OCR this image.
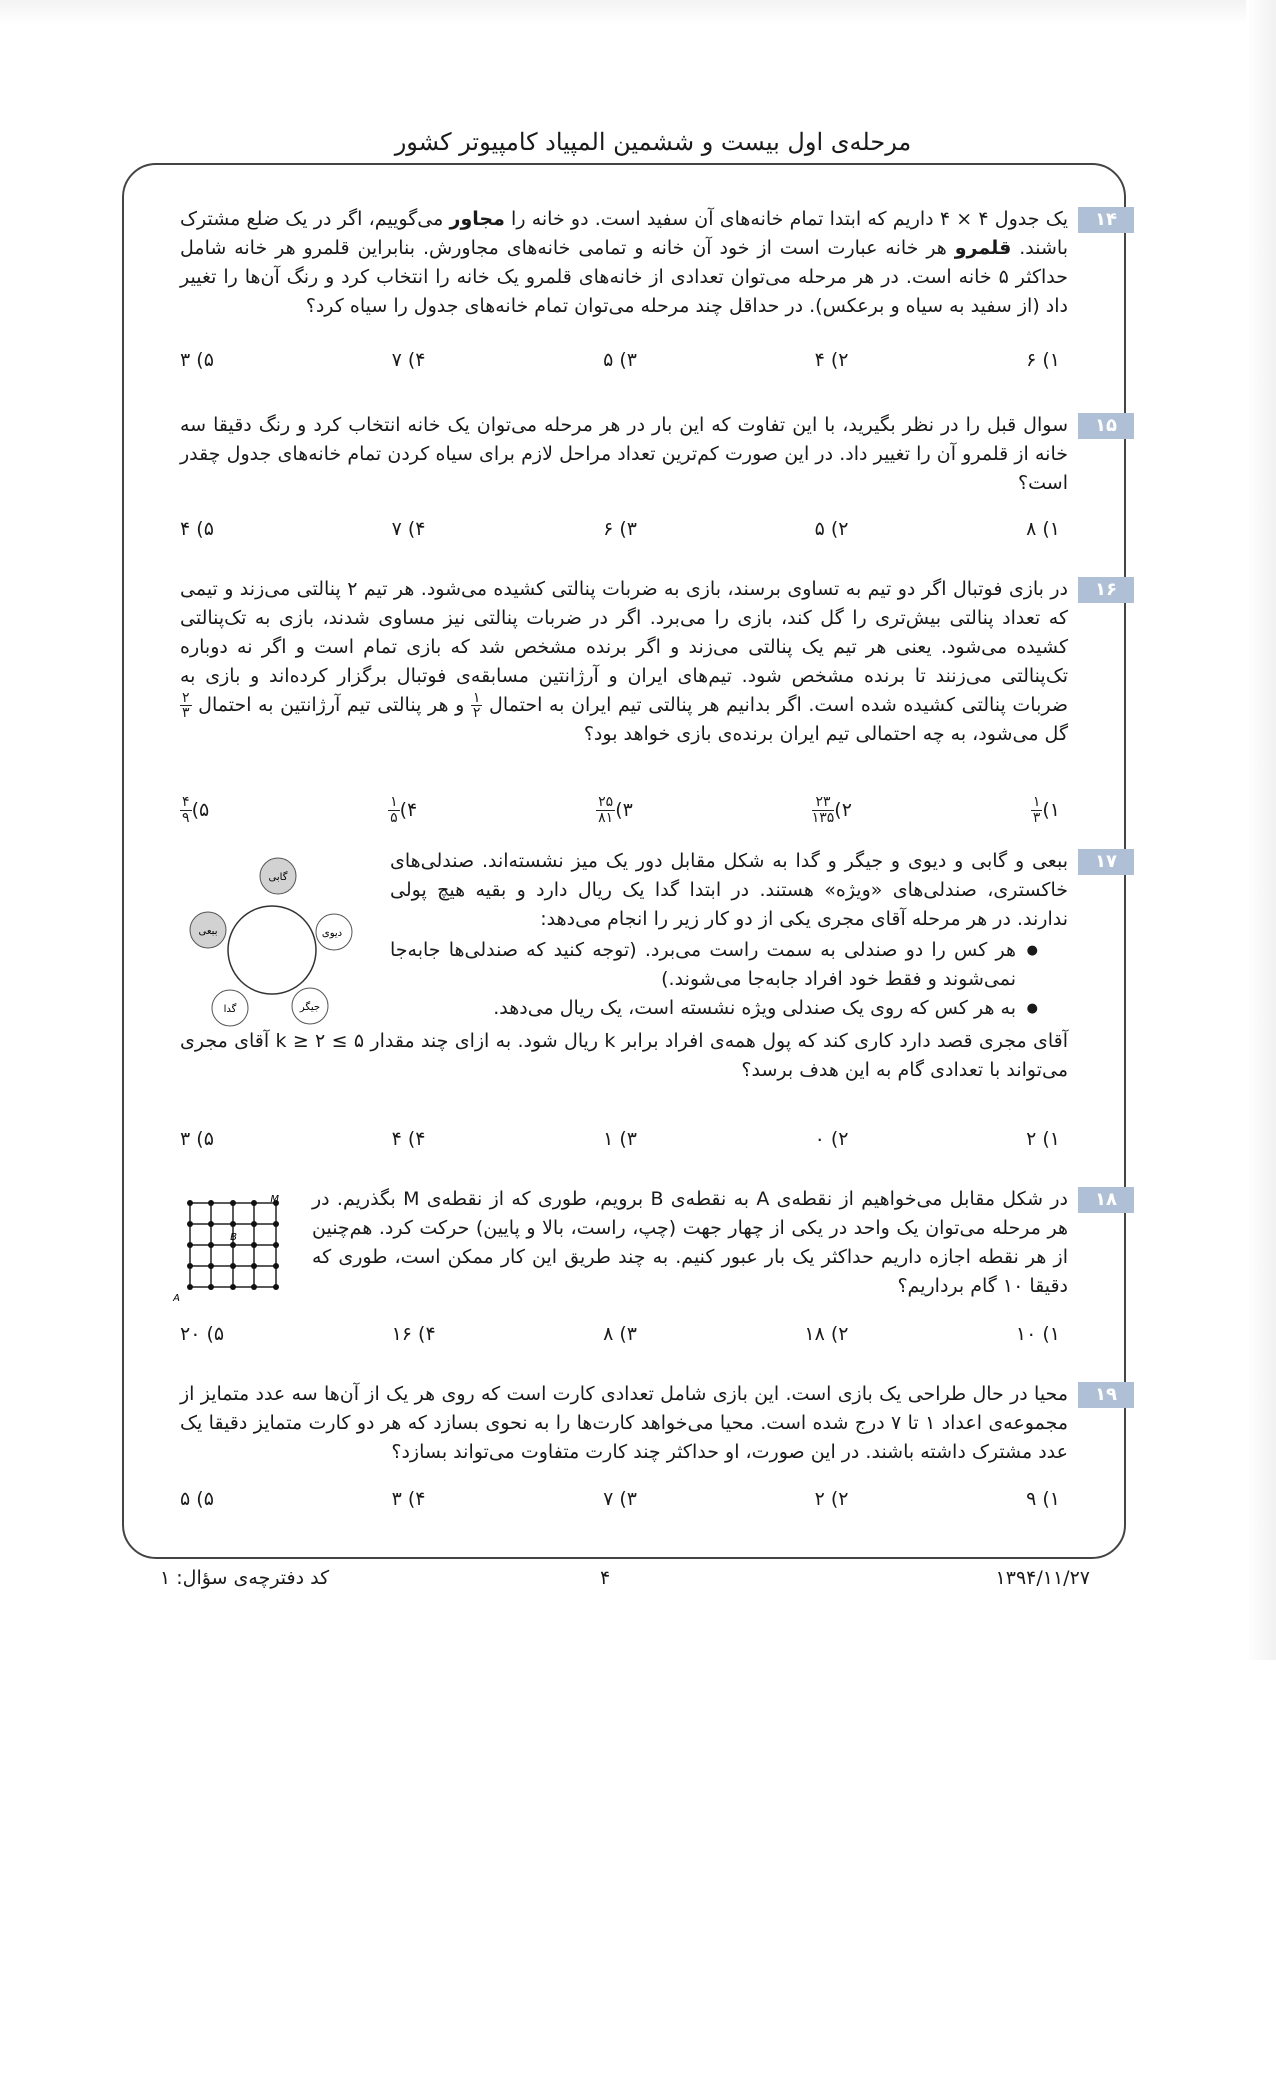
مرحله‌ی اول بیست و ششمین المپیاد کامپیوتر کشور
۱۴
یک جدول ۴ × ۴ داریم که ابتدا تمام خانه‌های آن سفید است. دو خانه را مجاور می‌گوییم، اگر در یک ضلع مشترک باشند. قلمرو هر خانه عبارت است از خود آن خانه و تمامی خانه‌های مجاورش. بنابراین قلمرو هر خانه شامل حداکثر ۵ خانه است. در هر مرحله می‌توان تعدادی از خانه‌های قلمرو یک خانه را انتخاب کرد و رنگ آن‌ها را تغییر داد (از سفید به سیاه و برعکس). در حداقل چند مرحله می‌توان تمام خانه‌های جدول را سیاه کرد؟
۱) ۶
۲) ۴
۳) ۵
۴) ۷
۵) ۳
۱۵
سوال قبل را در نظر بگیرید، با این تفاوت که این بار در هر مرحله می‌توان یک خانه انتخاب کرد و رنگ دقیقا سه خانه از قلمرو آن را تغییر داد. در این صورت کم‌ترین تعداد مراحل لازم برای سیاه کردن تمام خانه‌های جدول چقدر است؟
۱) ۸
۲) ۵
۳) ۶
۴) ۷
۵) ۴
۱۶
در بازی فوتبال اگر دو تیم به تساوی برسند، بازی به ضربات پنالتی کشیده می‌شود. هر تیم ۲ پنالتی می‌زند و تیمی که تعداد پنالتی بیش‌تری را گل کند، بازی را می‌برد. اگر در ضربات پنالتی نیز مساوی شدند، بازی به تک‌پنالتی کشیده می‌شود. یعنی هر تیم یک پنالتی می‌زند و اگر برنده مشخص شد که بازی تمام است و اگر نه دوباره تک‌پنالتی می‌زنند تا برنده مشخص شود. تیم‌های ایران و آرژانتین مسابقه‌ی فوتبال برگزار کرده‌اند و بازی به ضربات پنالتی کشیده شده است. اگر بدانیم هر پنالتی تیم ایران به احتمال
۱
۲
و هر پنالتی تیم آرژانتین به احتمال
۲
۳
گل می‌شود، به چه احتمالی تیم ایران برنده‌ی بازی خواهد بود؟
۱)
۱
۳
۲)
۲۳
۱۳۵
۳)
۲۵
۸۱
۴)
۱
۵
۵)
۴
۹
۱۷
ببعی و گابی و دیوی و جیگر و گدا به شکل مقابل دور یک میز نشسته‌اند. صندلی‌های خاکستری، صندلی‌های «ویژه» هستند. در ابتدا گدا یک ریال دارد و بقیه هیچ پولی ندارند. در هر مرحله آقای مجری یکی از دو کار زیر را انجام می‌دهد:
● هر کس را دو صندلی به سمت راست می‌برد. (توجه کنید که صندلی‌ها جابه‌جا نمی‌شوند و فقط خود افراد جابه‌جا می‌شوند.)
● به هر کس که روی یک صندلی ویژه نشسته است، یک ریال می‌دهد.
آقای مجری قصد دارد کاری کند که پول همه‌ی افراد برابر k ریال شود. به ازای چند مقدار ۵ ≥ k ≥ ۲ آقای مجری می‌تواند با تعدادی گام به این هدف برسد؟
گابی
ببعی	دیوی
گدا	جیگر
۱) ۲
۲) ۰
۳) ۱
۴) ۴
۵) ۳
۱۸
در شکل مقابل می‌خواهیم از نقطه‌ی A به نقطه‌ی B برویم، طوری که از نقطه‌ی M بگذریم. در هر مرحله می‌توان یک واحد در یکی از چهار جهت (چپ، راست، بالا و پایین) حرکت کرد. هم‌چنین از هر نقطه اجازه داریم حداکثر یک بار عبور کنیم. به چند طریق این کار ممکن است، طوری که دقیقا ۱۰ گام برداریم؟
A
B
M
۱) ۱۰
۲) ۱۸
۳) ۸
۴) ۱۶
۵) ۲۰
۱۹
محیا در حال طراحی یک بازی است. این بازی شامل تعدادی کارت است که روی هر یک از آن‌ها سه عدد متمایز از مجموعه‌ی اعداد ۱ تا ۷ درج شده است. محیا می‌خواهد کارت‌ها را به نحوی بسازد که هر دو کارت متمایز دقیقا یک عدد مشترک داشته باشند. در این صورت، او حداکثر چند کارت متفاوت می‌تواند بسازد؟
۱) ۹
۲) ۲
۳) ۷
۴) ۳
۵) ۵
۱۳۹۴/۱۱/۲۷
۴
کد دفترچه‌ی سؤال: ۱
